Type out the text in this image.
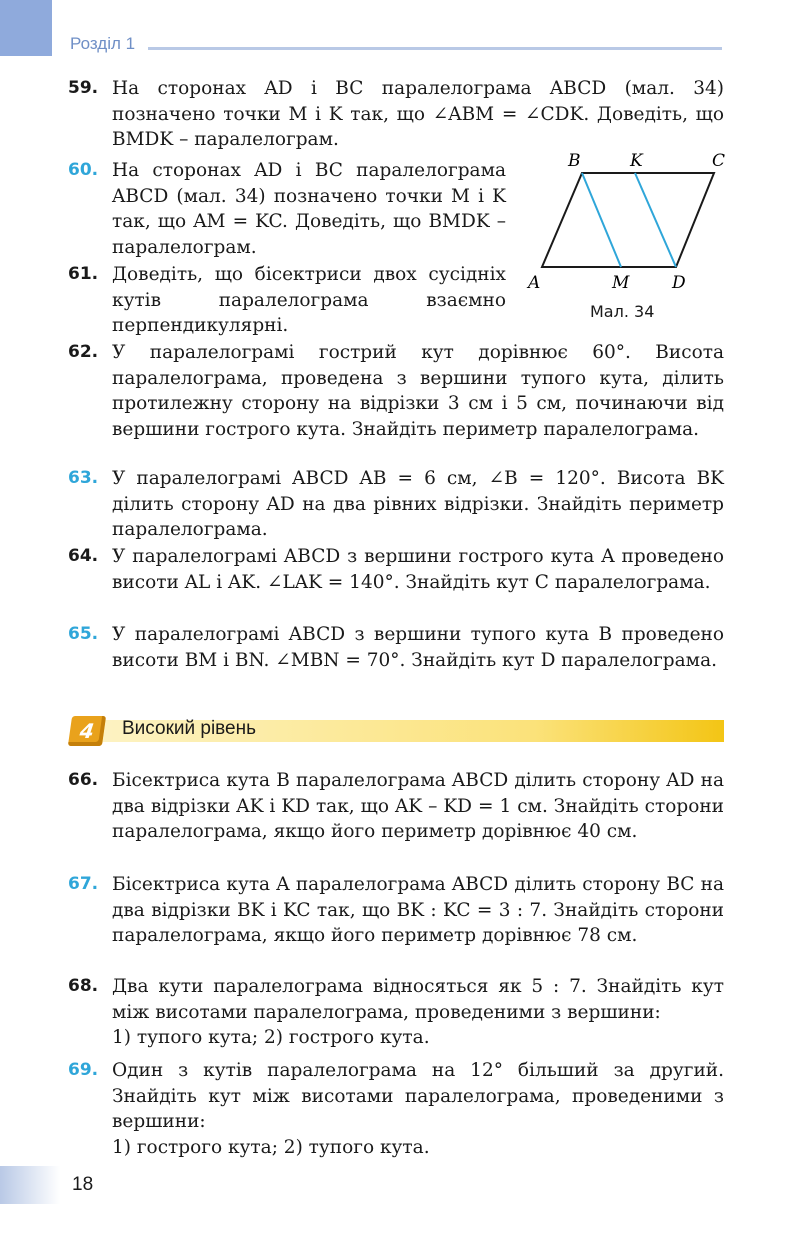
Розділ 1
59. На сторонах AD і BC паралелограма ABCD (мал. 34) позначено точки M і K так, що ∠ABM = ∠CDK. Доведіть, що BMDK – паралелограм.
60. На сторонах AD і BC паралелограма ABCD (мал. 34) позначено точки M і K так, що AM = KC. Доведіть, що BMDK – паралелограм.
61. Доведіть, що бісектриси двох сусідніх кутів паралелограма взаємно перпендикулярні.
62. У паралелограмі гострий кут дорівнює 60°. Висота паралелограма, проведена з вершини тупого кута, ділить протилежну сторону на відрізки 3 см і 5 см, починаючи від вершини гострого кута. Знайдіть периметр паралелограма.
63. У паралелограмі ABCD AB = 6 см, ∠B = 120°. Висота BK ділить сторону AD на два рівних відрізки. Знайдіть периметр паралелограма.
64. У паралелограмі ABCD з вершини гострого кута A проведено висоти AL і AK. ∠LAK = 140°. Знайдіть кут C паралелограма.
65. У паралелограмі ABCD з вершини тупого кута B проведено висоти BM і BN. ∠MBN = 70°. Знайдіть кут D паралелограма.
B	K	C
A	M	D
Мал. 34
4	Високий рівень
66. Бісектриса кута B паралелограма ABCD ділить сторону AD на два відрізки AK і KD так, що AK – KD = 1 см. Знайдіть сторони паралелограма, якщо його периметр дорівнює 40 см.
67. Бісектриса кута A паралелограма ABCD ділить сторону BC на два відрізки BK і KC так, що BK : KC = 3 : 7. Знайдіть сторони паралелограма, якщо його периметр дорівнює 78 см.
68. Два кути паралелограма відносяться як 5 : 7. Знайдіть кут між висотами паралелограма, проведеними з вершини:
1) тупого кута; 2) гострого кута.
69. Один з кутів паралелограма на 12° більший за другий. Знайдіть кут між висотами паралелограма, проведеними з вершини:
1) гострого кута; 2) тупого кута.
18
